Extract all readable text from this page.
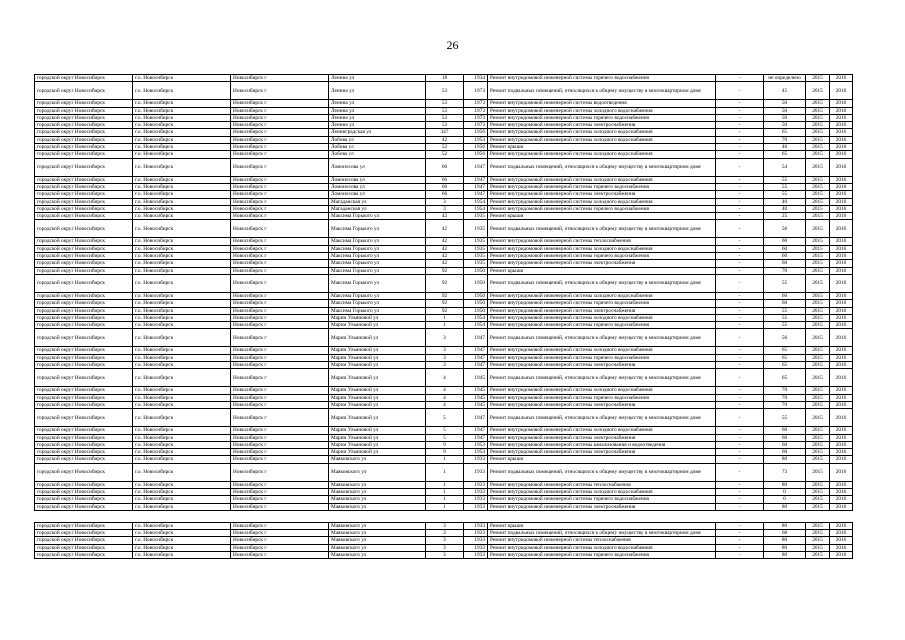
26
городской округ Новосибирск	г.о. Новосибирск	Новосибирск г	Ленина ул	18	1934	Ремонт внутридомовой инженерной системы горячего водоснабжения	-	не определено	2015	2016
городской округ Новосибирск	г.о. Новосибирск	Новосибирск г	Ленина ул	53	1973	Ремонт подвальных помещений, относящихся к общему имуществу в многоквартирном доме	-	45	2015	2016
городской округ Новосибирск	г.о. Новосибирск	Новосибирск г	Ленина ул	53	1973	Ремонт внутридомовой инженерной системы водоотведения	-	50	2015	2016
городской округ Новосибирск	г.о. Новосибирск	Новосибирск г	Ленина ул	53	1973	Ремонт внутридомовой инженерной системы холодного водоснабжения	-	50	2015	2016
городской округ Новосибирск	г.о. Новосибирск	Новосибирск г	Ленина ул	53	1973	Ремонт внутридомовой инженерной системы горячего водоснабжения	-	50	2015	2016
городской округ Новосибирск	г.о. Новосибирск	Новосибирск г	Ленина ул	53	1973	Ремонт внутридомовой инженерной системы электроснабжения	-	50	2015	2016
городской округ Новосибирск	г.о. Новосибирск	Новосибирск г	Ленинградская ул	347	1956	Ремонт внутридомовой инженерной системы холодного водоснабжения	-	65	2015	2016
городской округ Новосибирск	г.о. Новосибирск	Новосибирск г	Лобова ул	42	1953	Ремонт внутридомовой инженерной системы холодного водоснабжения	-	70	2015	2016
городской округ Новосибирск	г.о. Новосибирск	Новосибирск г	Лобова ул	52	1956	Ремонт крыши	-	40	2015	2016
городской округ Новосибирск	г.о. Новосибирск	Новосибирск г	Лобова ул	52	1956	Ремонт внутридомовой инженерной системы холодного водоснабжения	-	65	2015	2016
городской округ Новосибирск	г.о. Новосибирск	Новосибирск г	Ломоносова ул	66	1947	Ремонт подвальных помещений, относящихся к общему имуществу в многоквартирном доме	-	54	2015	2016
городской округ Новосибирск	г.о. Новосибирск	Новосибирск г	Ломоносова ул	66	1947	Ремонт внутридомовой инженерной системы холодного водоснабжения	-	55	2015	2016
городской округ Новосибирск	г.о. Новосибирск	Новосибирск г	Ломоносова ул	66	1947	Ремонт внутридомовой инженерной системы горячего водоснабжения	-	55	2015	2016
городской округ Новосибирск	г.о. Новосибирск	Новосибирск г	Ломоносова ул	66	1947	Ремонт внутридомовой инженерной системы электроснабжения	-	55	2015	2016
городской округ Новосибирск	г.о. Новосибирск	Новосибирск г	Магаданская ул	3	1954	Ремонт внутридомовой инженерной системы холодного водоснабжения	-	40	2015	2016
городской округ Новосибирск	г.о. Новосибирск	Новосибирск г	Магаданская ул	3	1954	Ремонт внутридомовой инженерной системы горячего водоснабжения	-	40	2015	2016
городской округ Новосибирск	г.о. Новосибирск	Новосибирск г	Максима Горького ул	42	1935	Ремонт крыши	-	25	2015	2016
городской округ Новосибирск	г.о. Новосибирск	Новосибирск г	Максима Горького ул	42	1935	Ремонт подвальных помещений, относящихся к общему имуществу в многоквартирном доме	-	56	2015	2016
городской округ Новосибирск	г.о. Новосибирск	Новосибирск г	Максима Горького ул	42	1935	Ремонт внутридомовой инженерной системы теплоснабжения	-	60	2015	2016
городской округ Новосибирск	г.о. Новосибирск	Новосибирск г	Максима Горького ул	42	1935	Ремонт внутридомовой инженерной системы холодного водоснабжения	-	60	2015	2016
городской округ Новосибирск	г.о. Новосибирск	Новосибирск г	Максима Горького ул	42	1935	Ремонт внутридомовой инженерной системы горячего водоснабжения	-	60	2015	2016
городской округ Новосибирск	г.о. Новосибирск	Новосибирск г	Максима Горького ул	42	1935	Ремонт внутридомовой инженерной системы электроснабжения	-	60	2015	2016
городской округ Новосибирск	г.о. Новосибирск	Новосибирск г	Максима Горького ул	92	1950	Ремонт крыши	-	70	2015	2016
городской округ Новосибирск	г.о. Новосибирск	Новосибирск г	Максима Горького ул	92	1950	Ремонт подвальных помещений, относящихся к общему имуществу в многоквартирном доме	-	55	2015	2016
городской округ Новосибирск	г.о. Новосибирск	Новосибирск г	Максима Горького ул	92	1950	Ремонт внутридомовой инженерной системы холодного водоснабжения	-	60	2015	2016
городской округ Новосибирск	г.о. Новосибирск	Новосибирск г	Максима Горького ул	92	1950	Ремонт внутридомовой инженерной системы горячего водоснабжения	-	60	2015	2016
городской округ Новосибирск	г.о. Новосибирск	Новосибирск г	Максима Горького ул	92	1950	Ремонт внутридомовой инженерной системы электроснабжения	-	55	2015	2016
городской округ Новосибирск	г.о. Новосибирск	Новосибирск г	Марии Ульяновой ул	1	1954	Ремонт внутридомовой инженерной системы холодного водоснабжения	-	55	2015	2016
городской округ Новосибирск	г.о. Новосибирск	Новосибирск г	Марии Ульяновой ул	1	1954	Ремонт внутридомовой инженерной системы горячего водоснабжения	-	55	2015	2016
городской округ Новосибирск	г.о. Новосибирск	Новосибирск г	Марии Ульяновой ул	3	1947	Ремонт подвальных помещений, относящихся к общему имуществу в многоквартирном доме	-	56	2015	2016
городской округ Новосибирск	г.о. Новосибирск	Новосибирск г	Марии Ульяновой ул	3	1947	Ремонт внутридомовой инженерной системы холодного водоснабжения	-	65	2015	2016
городской округ Новосибирск	г.о. Новосибирск	Новосибирск г	Марии Ульяновой ул	3	1947	Ремонт внутридомовой инженерной системы горячего водоснабжения	-	65	2015	2016
городской округ Новосибирск	г.о. Новосибирск	Новосибирск г	Марии Ульяновой ул	3	1947	Ремонт внутридомовой инженерной системы электроснабжения	-	65	2015	2016
городской округ Новосибирск	г.о. Новосибирск	Новосибирск г	Марии Ульяновой ул	4	1945	Ремонт подвальных помещений, относящихся к общему имуществу в многоквартирном доме	-	65	2015	2016
городской округ Новосибирск	г.о. Новосибирск	Новосибирск г	Марии Ульяновой ул	4	1945	Ремонт внутридомовой инженерной системы холодного водоснабжения	-	70	2015	2016
городской округ Новосибирск	г.о. Новосибирск	Новосибирск г	Марии Ульяновой ул	4	1945	Ремонт внутридомовой инженерной системы горячего водоснабжения	-	70	2015	2016
городской округ Новосибирск	г.о. Новосибирск	Новосибирск г	Марии Ульяновой ул	4	1945	Ремонт внутридомовой инженерной системы электроснабжения	-	70	2015	2016
городской округ Новосибирск	г.о. Новосибирск	Новосибирск г	Марии Ульяновой ул	5	1947	Ремонт подвальных помещений, относящихся к общему имуществу в многоквартирном доме	-	55	2015	2016
городской округ Новосибирск	г.о. Новосибирск	Новосибирск г	Марии Ульяновой ул	5	1947	Ремонт внутридомовой инженерной системы холодного водоснабжения	-	60	2015	2016
городской округ Новосибирск	г.о. Новосибирск	Новосибирск г	Марии Ульяновой ул	5	1947	Ремонт внутридомовой инженерной системы электроснабжения	-	60	2015	2016
городской округ Новосибирск	г.о. Новосибирск	Новосибирск г	Марии Ульяновой ул	9	1953	Ремонт внутридомовой инженерной системы канализования и водоотведения	-	60	2015	2016
городской округ Новосибирск	г.о. Новосибирск	Новосибирск г	Марии Ульяновой ул	9	1953	Ремонт внутридомовой инженерной системы электроснабжения	-	60	2015	2016
городской округ Новосибирск	г.о. Новосибирск	Новосибирск г	Маяковского ул	1	1933	Ремонт крыши	-	80	2015	2016
городской округ Новосибирск	г.о. Новосибирск	Новосибирск г	Маяковского ул	1	1933	Ремонт подвальных помещений, относящихся к общему имуществу в многоквартирном доме	-	73	2015	2016
городской округ Новосибирск	г.о. Новосибирск	Новосибирск г	Маяковского ул	1	1933	Ремонт внутридомовой инженерной системы теплоснабжения	-	80	2015	2016
городской округ Новосибирск	г.о. Новосибирск	Новосибирск г	Маяковского ул	1	1933	Ремонт внутридомовой инженерной системы холодного водоснабжения	-	0	2015	2016
городской округ Новосибирск	г.о. Новосибирск	Новосибирск г	Маяковского ул	1	1933	Ремонт внутридомовой инженерной системы горячего водоснабжения	-	0	2015	2016
городской округ Новосибирск	г.о. Новосибирск	Новосибирск г	Маяковского ул	1	1933	Ремонт внутридомовой инженерной системы электроснабжения	-	80	2015	2016

городской округ Новосибирск	г.о. Новосибирск	Новосибирск г	Маяковского ул	3	1933	Ремонт крыши	-	80	2015	2016
городской округ Новосибирск	г.о. Новосибирск	Новосибирск г	Маяковского ул	3	1933	Ремонт подвальных помещений, относящихся к общему имуществу в многоквартирном доме	-	68	2015	2016
городской округ Новосибирск	г.о. Новосибирск	Новосибирск г	Маяковского ул	3	1933	Ремонт внутридомовой инженерной системы теплоснабжения	-	80	2015	2016
городской округ Новосибирск	г.о. Новосибирск	Новосибирск г	Маяковского ул	3	1933	Ремонт внутридомовой инженерной системы холодного водоснабжения	-	80	2015	2016
городской округ Новосибирск	г.о. Новосибирск	Новосибирск г	Маяковского ул	3	1933	Ремонт внутридомовой инженерной системы горячего водоснабжения	-	80	2015	2016
